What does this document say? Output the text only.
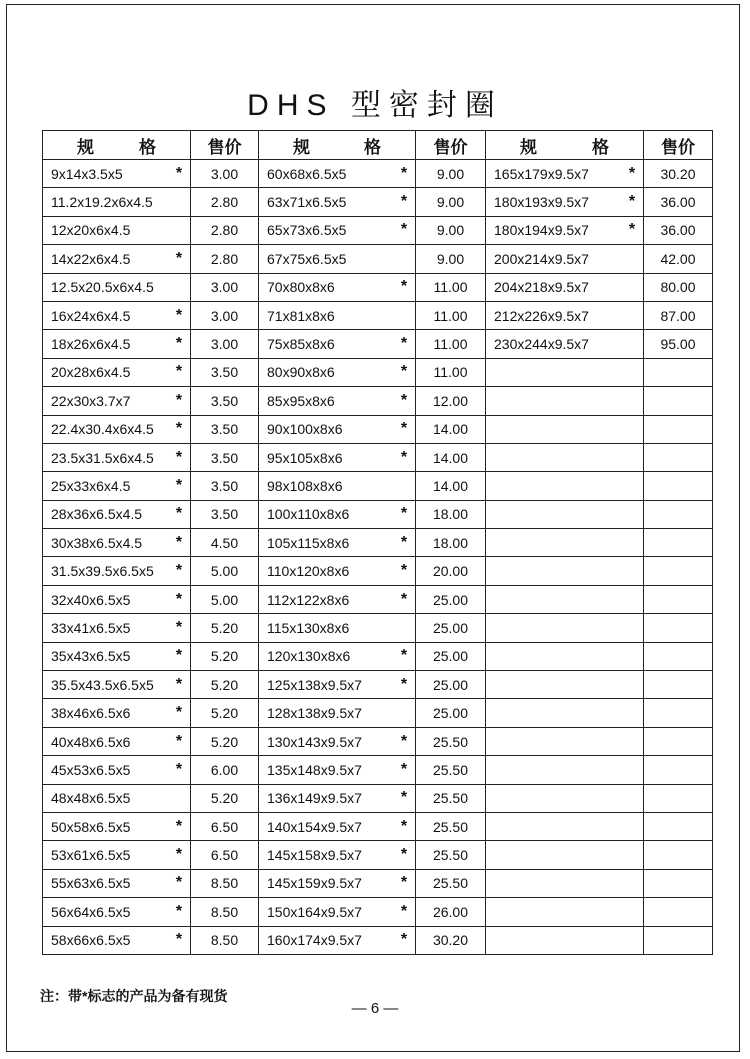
DHS 型密封圈
规 格	售价	规 格	售价	规 格	售价

9x14x3.5x5 *	3.00	60x68x6.5x5 *	9.00	165x179x9.5x7 *	30.20

11.2x19.2x6x4.5	2.80	63x71x6.5x5 *	9.00	180x193x9.5x7 *	36.00

12x20x6x4.5	2.80	65x73x6.5x5 *	9.00	180x194x9.5x7 *	36.00

14x22x6x4.5 *	2.80	67x75x6.5x5	9.00	200x214x9.5x7	42.00

12.5x20.5x6x4.5	3.00	70x80x8x6 *	11.00	204x218x9.5x7	80.00

16x24x6x4.5 *	3.00	71x81x8x6	11.00	212x226x9.5x7	87.00

18x26x6x4.5 *	3.00	75x85x8x6 *	11.00	230x244x9.5x7	95.00

20x28x6x4.5 *	3.50	80x90x8x6 *	11.00		

22x30x3.7x7 *	3.50	85x95x8x6 *	12.00		

22.4x30.4x6x4.5 *	3.50	90x100x8x6 *	14.00		

23.5x31.5x6x4.5 *	3.50	95x105x8x6 *	14.00		

25x33x6x4.5 *	3.50	98x108x8x6	14.00		

28x36x6.5x4.5 *	3.50	100x110x8x6 *	18.00		

30x38x6.5x4.5 *	4.50	105x115x8x6 *	18.00		

31.5x39.5x6.5x5 *	5.00	110x120x8x6 *	20.00		

32x40x6.5x5 *	5.00	112x122x8x6 *	25.00		

33x41x6.5x5 *	5.20	115x130x8x6	25.00		

35x43x6.5x5 *	5.20	120x130x8x6 *	25.00		

35.5x43.5x6.5x5 *	5.20	125x138x9.5x7 *	25.00		

38x46x6.5x6 *	5.20	128x138x9.5x7	25.00		

40x48x6.5x6 *	5.20	130x143x9.5x7 *	25.50		

45x53x6.5x5 *	6.00	135x148x9.5x7 *	25.50		

48x48x6.5x5	5.20	136x149x9.5x7 *	25.50		

50x58x6.5x5 *	6.50	140x154x9.5x7 *	25.50		

53x61x6.5x5 *	6.50	145x158x9.5x7 *	25.50		

55x63x6.5x5 *	8.50	145x159x9.5x7 *	25.50		

56x64x6.5x5 *	8.50	150x164x9.5x7 *	26.00		

58x66x6.5x5 *	8.50	160x174x9.5x7 *	30.20		
注：带*标志的产品为备有现货
— 6 —
